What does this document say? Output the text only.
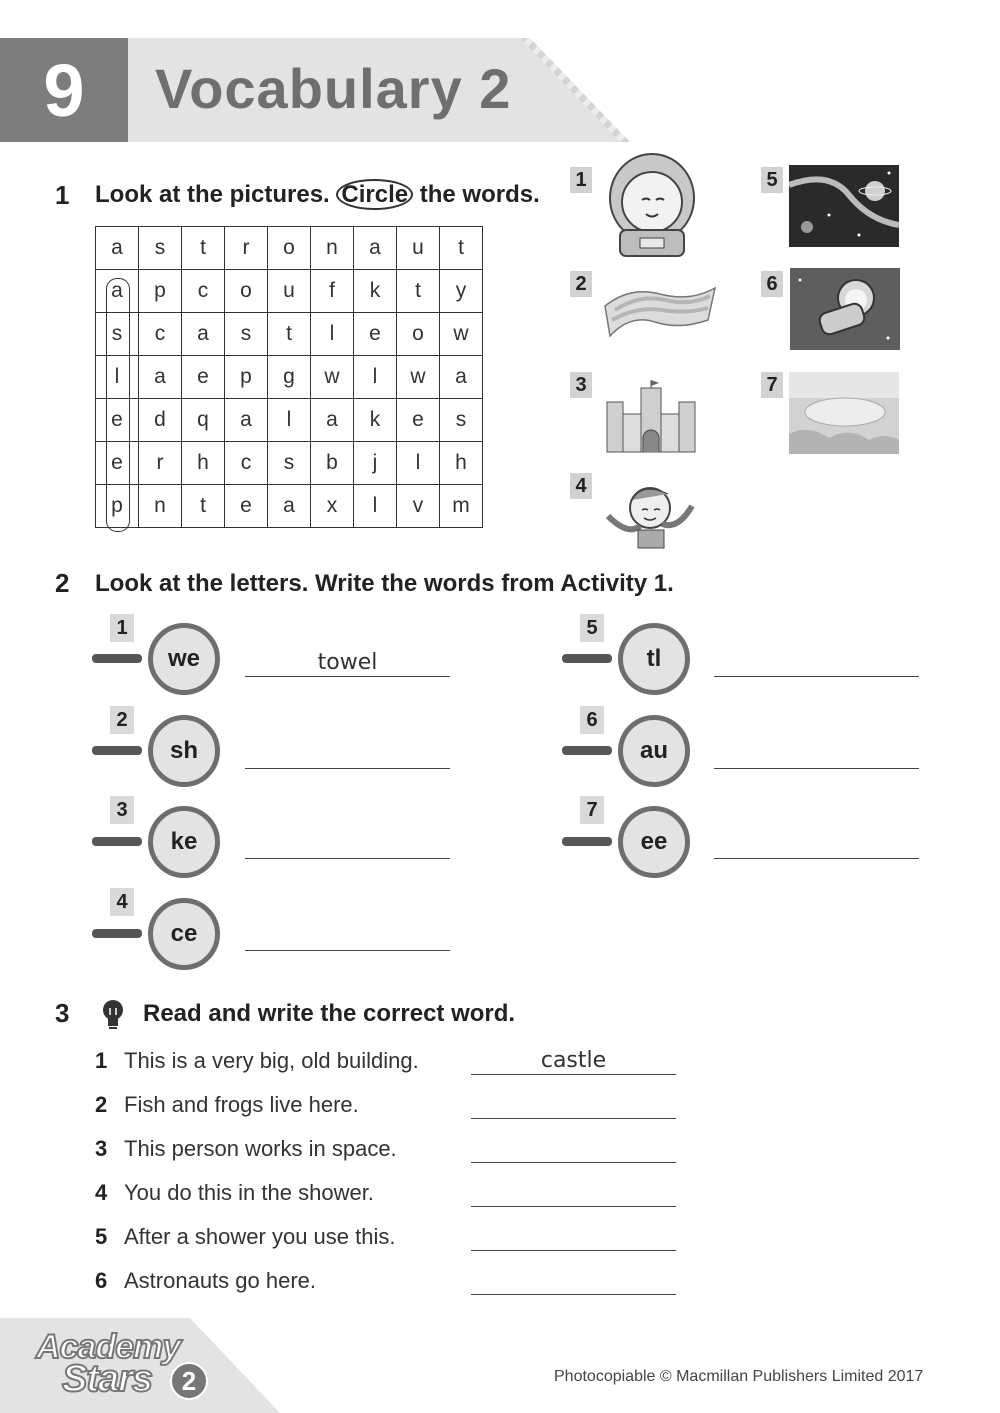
9	Vocabulary 2
1 Look at the pictures. Circle the words.
a	s	t	r	o	n	a	u	t
a	p	c	o	u	f	k	t	y
s	c	a	s	t	l	e	o	w
l	a	e	p	g	w	l	w	a
e	d	q	a	l	a	k	e	s
e	r	h	c	s	b	j	l	h
p	n	t	e	a	x	l	v	m
1
2
3
4
5
6
7
2 Look at the letters. Write the words from Activity 1.
1
we	towel
2
sh
3
ke
4
ce
5
tl
6
au
7
ee
3	Read and write the correct word.
1 This is a very big, old building.	castle
2 Fish and frogs live here.
3 This person works in space.
4 You do this in the shower.
5 After a shower you use this.
6 Astronauts go here.
Academy
Stars	2	Photocopiable © Macmillan Publishers Limited 2017
